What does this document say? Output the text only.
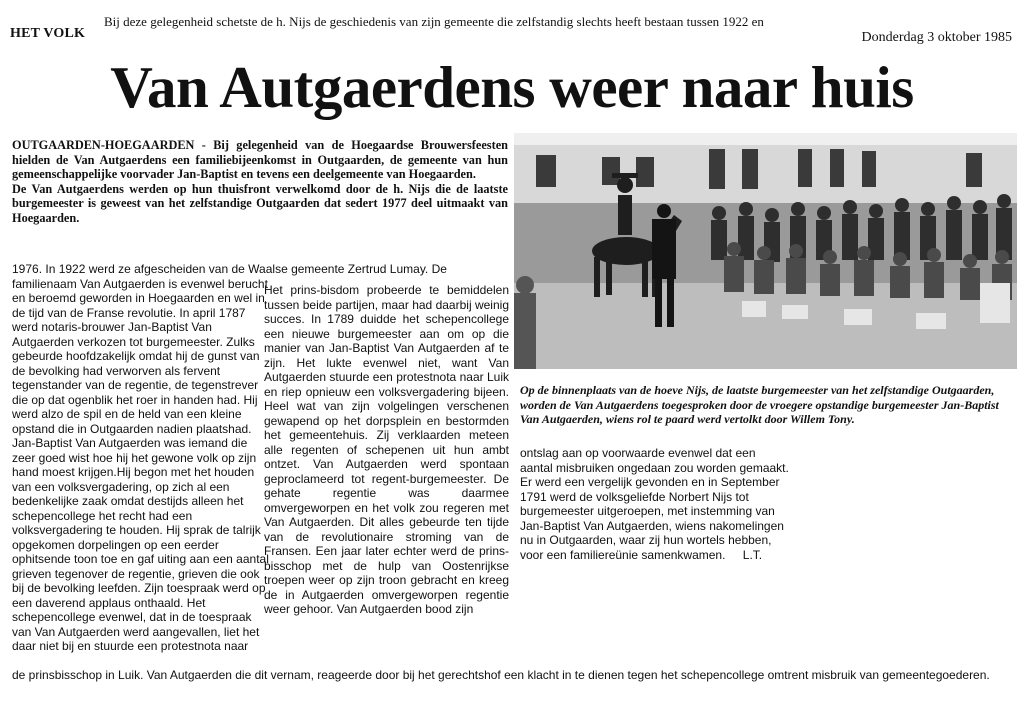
HET VOLK
Bij deze gelegenheid schetste de h. Nijs de geschiedenis van zijn gemeente die zelfstandig slechts heeft bestaan tussen 1922 en
Donderdag 3 oktober 1985
Van Autgaerdens weer naar huis

OUTGAARDEN-HOEGAARDEN - Bij gelegenheid van de Hoegaardse Brouwersfeesten hielden de Van Autgaerdens een familiebijeenkomst in Outgaarden, de gemeente van hun gemeenschappelijke voorvader Jan-Baptist en tevens een deelgemeente van Hoegaarden.

De Van Autgaerdens werden op hun thuisfront verwelkomd door de h. Nijs die de laatste burgemeester is geweest van het zelfstandige Outgaarden dat sedert 1977 deel uitmaakt van Hoegaarden.

Op de binnenplaats van de hoeve Nijs, de laatste burgemeester van het zelfstandige Outgaarden, worden de Van Autgaerdens toegesproken door de vroegere opstandige burgemeester Jan-Baptist Van Autgaerden, wiens rol te paard werd vertolkt door Willem Tony.
1976. In 1922 werd ze afgescheiden van de Waalse gemeente Zertrud Lumay. De familienaam Van Autgaerden is evenwel berucht
en beroemd geworden in Hoegaarden en wel in de tijd van de Franse revolutie. In april 1787 werd notaris-brouwer Jan-Baptist Van Autgaerden verkozen tot burgemeester. Zulks gebeurde hoofdzakelijk omdat hij de gunst van de bevolking had verworven als fervent tegenstander van de regentie, de tegenstrever die op dat ogenblik het roer in handen had. Hij werd alzo de spil en de held van een kleine opstand die in Outgaarden nadien plaatshad. Jan-Baptist Van Autgaerden was iemand die zeer goed wist hoe hij het gewone volk op zijn hand moest krijgen.Hij begon met het houden van een volksvergadering, op zich al een bedenkelijke zaak omdat destijds alleen het schepencollege het recht had een volksvergadering te houden. Hij sprak de talrijk opgekomen dorpelingen op een eerder ophitsende toon toe en gaf uiting aan een aantal grieven tegenover de regentie, grieven die ook bij de bevolking leefden. Zijn toespraak werd op een daverend applaus onthaald. Het schepencollege evenwel, dat in de toespraak van Van Autgaerden werd aangevallen, liet het daar niet bij en stuurde een protestnota naar
Het prins-bisdom probeerde te bemiddelen tussen beide partijen, maar had daarbij weinig succes. In 1789 duidde het schepencollege een nieuwe burgemeester aan om op die manier van Jan-Baptist Van Autgaerden af te zijn. Het lukte evenwel niet, want Van Autgaerden stuurde een protestnota naar Luik en riep opnieuw een volksvergadering bijeen. Heel wat van zijn volgelingen verschenen gewapend op het dorpsplein en bestormden het gemeentehuis. Zij verklaarden meteen alle regenten of schepenen uit hun ambt ontzet. Van Autgaerden werd spontaan geproclameerd tot regent-burgemeester. De gehate regentie was daarmee omvergeworpen en het volk zou regeren met Van Autgaerden. Dit alles gebeurde ten tijde van de revolutionaire stroming van de Fransen. Een jaar later echter werd de prins-bisschop met de hulp van Oostenrijkse troepen weer op zijn troon gebracht en kreeg de in Autgaerden omvergeworpen regentie weer gehoor. Van Autgaerden bood zijn
ontslag aan op voorwaarde evenwel dat een aantal misbruiken ongedaan zou worden gemaakt. Er werd een vergelijk gevonden en in September 1791 werd de volksgeliefde Norbert Nijs tot burgemeester uitgeroepen, met instemming van Jan-Baptist Van Autgaerden, wiens nakomelingen nu in Outgaarden, waar zij hun wortels hebben, voor een familiereünie samenkwamen. L.T.
de prinsbisschop in Luik. Van Autgaerden die dit vernam, reageerde door bij het gerechtshof een klacht in te dienen tegen het schepencollege omtrent misbruik van gemeentegoederen.
